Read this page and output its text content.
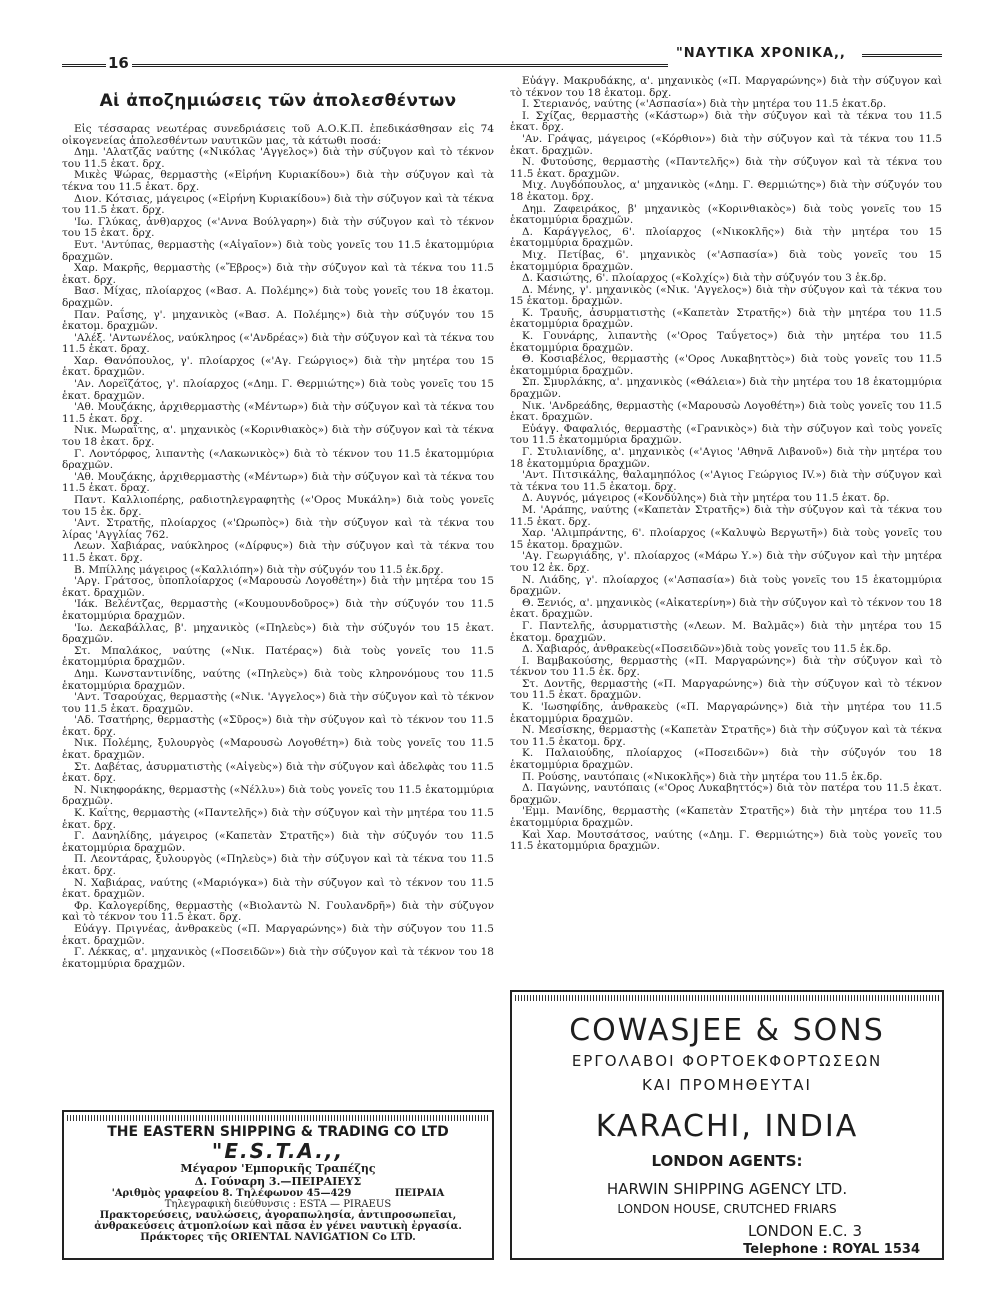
16
"ΝΑΥΤΙΚΑ ΧΡΟΝΙΚΑ,,
Αἱ ἀποζημιώσεις τῶν ἀπολεσθέντων

Εἰς τέσσαρας νεωτέρας συνεδριάσεις τοῦ Α.Ο.Κ.Π. ἐπεδικάσθησαν εἰς 74 οἰκογενείας ἀπολεσθέντων ναυτικῶν μας, τὰ κάτωθι ποσά:

Δημ. 'Αλατζᾶς ναύτης («Νικόλας 'Αγγελος») διὰ τὴν σύζυγον καὶ τὸ τέκνον του 11.5 ἑκατ. δρχ.

Μικὲς Ψώρας, θερμαστὴς («Εἰρήνη Κυριακίδου») διὰ τὴν σύζυγον καὶ τὰ τέκνα του 11.5 ἑκατ. δρχ.

Διον. Κότσιας, μάγειρος («Εἰρήνη Κυριακίδου») διὰ τὴν σύζυγον καὶ τὰ τέκνα του 11.5 ἑκατ. δρχ.

'Ιω. Γλύκας, ἀνθ)αρχος («'Αννα Βούλγαρη») διὰ τὴν σύζυγον καὶ τὸ τέκνον του 15 ἑκατ. δρχ.

Ευτ. 'Αντύπας, θερμαστὴς («Αἰγαῖον») διὰ τοὺς γονεῖς του 11.5 ἑκατομμύρια δραχμῶν.

Χαρ. Μακρῆς, θερμαστὴς («Ἔβρος») διὰ τὴν σύζυγον καὶ τὰ τέκνα του 11.5 ἑκατ. δρχ.

Βασ. Μίχας, πλοίαρχος («Βασ. Α. Πολέμης») διὰ τοὺς γονεῖς του 18 ἑκατομ. δραχμῶν.

Παν. Ραΐσης, γ'. μηχανικὸς («Βασ. Α. Πολέμης») διὰ τὴν σύζυγόν του 15 ἑκατομ. δραχμῶν.

'Αλέξ. 'Αντωνέλος, ναύκληρος («'Ανδρέας») διὰ τὴν σύζυγον καὶ τὰ τέκνα του 11.5 ἑκατ. δραχ.

Χαρ. Θανόπουλος, γ'. πλοίαρχος («'Αγ. Γεώργιος») διὰ τὴν μητέρα του 15 ἑκατ. δραχμῶν.

'Αν. Λορεϊζάτος, γ'. πλοίαρχος («Δημ. Γ. Θερμιώτης») διὰ τοὺς γονεῖς του 15 ἑκατ. δραχμῶν.

'Αθ. Μουζάκης, ἀρχιθερμαστὴς («Μέντωρ») διὰ τὴν σύζυγον καὶ τὰ τέκνα του 11.5 ἑκατ. δρχ.

Νικ. Μωραΐτης, α'. μηχανικὸς («Κορινθιακὸς») διὰ τὴν σύζυγον καὶ τὰ τέκνα του 18 ἑκατ. δρχ.

Γ. Λοντόρφος, λιπαντὴς («Λακωνικὸς») διὰ τὸ τέκνον του 11.5 ἑκατομμύρια δραχμῶν.

'Αθ. Μουζάκης, ἀρχιθερμαστὴς («Μέντωρ») διὰ τὴν σύζυγον καὶ τὰ τέκνα του 11.5 ἑκατ. δραχ.

Παντ. Καλλιοπέρης, ραδιοτηλεγραφητὴς («'Ορος Μυκάλη») διὰ τοὺς γονεῖς του 15 ἑκ. δρχ.

'Αντ. Στρατῆς, πλοίαρχος («'Ωρωπὸς») διὰ τὴν σύζυγον καὶ τὰ τέκνα του λίρας 'Αγγλίας 762.

Λεων. Χαβιάρας, ναύκληρος («Δίρφυς») διὰ τὴν σύζυγον καὶ τὰ τέκνα του 11.5 ἑκατ. δρχ.

Β. Μπίλλης μάγειρος («Καλλιόπη») διὰ τὴν σύζυγόν του 11.5 ἑκ.δρχ.

'Αργ. Γράτσος, ὑποπλοίαρχος («Μαρουσὼ Λογοθέτη») διὰ τὴν μητέρα του 15 ἑκατ. δραχμῶν.

'Ιάκ. Βελέντζας, θερμαστὴς («Κουμουνδοῦρος») διὰ τὴν σύζυγόν του 11.5 ἑκατομμύρια δραχμῶν.

'Ιω. Δεκαβάλλας, β'. μηχανικὸς («Πηλεὺς») διὰ τὴν σύζυγόν του 15 ἑκατ. δραχμῶν.

Στ. Μπαλάκος, ναύτης («Νικ. Πατέρας») διὰ τοὺς γονεῖς του 11.5 ἑκατομμύρια δραχμῶν.

Δημ. Κωνσταντινίδης, ναύτης («Πηλεὺς») διὰ τοὺς κληρονόμους του 11.5 ἑκατομμύρια δραχμῶν.

'Αντ. Τσαρούχας, θερμαστὴς («Νικ. 'Αγγελος») διὰ τὴν σύζυγον καὶ τὸ τέκνον του 11.5 ἑκατ. δραχμῶν.

'Αδ. Τσατήρης, θερμαστὴς («Σῦρος») διὰ τὴν σύζυγον καὶ τὸ τέκνον του 11.5 ἑκατ. δρχ.

Νικ. Πολέμης, ξυλουργὸς («Μαρουσὼ Λογοθέτη») διὰ τοὺς γονεῖς του 11.5 ἑκατ. δραχμῶν.

Στ. Δαβέτας, ἀσυρματιστὴς («Αἰγεὺς») διὰ τὴν σύζυγον καὶ ἀδελφὰς του 11.5 ἑκατ. δρχ.

Ν. Νικηφοράκης, θερμαστὴς («Νέλλυ») διὰ τοὺς γονεῖς του 11.5 ἑκατομμύρια δραχμῶν.

Κ. Καΐτης, θερμαστὴς («Παντελῆς») διὰ τὴν σύζυγον καὶ τὴν μητέρα του 11.5 ἑκατ. δρχ.

Γ. Δανηλίδης, μάγειρος («Καπετὰν Στρατῆς») διὰ τὴν σύζυγόν του 11.5 ἑκατομμύρια δραχμῶν.

Π. Λεοντάρας, ξυλουργὸς («Πηλεὺς») διὰ τὴν σύζυγον καὶ τὰ τέκνα του 11.5 ἑκατ. δρχ.

Ν. Χαβιάρας, ναύτης («Μαριόγκα») διὰ τὴν σύζυγον καὶ τὸ τέκνον του 11.5 ἑκατ. δραχμῶν.

Φρ. Καλογερίδης, θερμαστὴς («Βιολαντὼ Ν. Γουλανδρῆ») διὰ τὴν σύζυγον καὶ τὸ τέκνον του 11.5 ἑκατ. δρχ.

Εὐάγγ. Πριγνέας, ἀνθρακεὺς («Π. Μαργαρώνης») διὰ τὴν σύζυγον του 11.5 ἑκατ. δραχμῶν.

Γ. Λέκκας, α'. μηχανικὸς («Ποσειδῶν») διὰ τὴν σύζυγον καὶ τὰ τέκνον του 18 ἑκατομμύρια δραχμῶν.

Εὐάγγ. Μακρυδάκης, α'. μηχανικὸς («Π. Μαργαρώνης») διὰ τὴν σύζυγον καὶ τὸ τέκνον του 18 ἑκατομ. δρχ.

Ι. Στεριανός, ναύτης («'Ασπασία») διὰ τὴν μητέρα του 11.5 ἑκατ.δρ.

Ι. Σχίζας, θερμαστὴς («Κάστωρ») διὰ τὴν σύζυγον καὶ τὰ τέκνα του 11.5 ἑκατ. δρχ.

'Αν. Γράψας, μάγειρος («Κόρθιον») διὰ τὴν σύζυγον καὶ τὰ τέκνα του 11.5 ἑκατ. δραχμῶν.

Ν. Φυτούσης, θερμαστὴς («Παντελῆς») διὰ τὴν σύζυγον καὶ τὰ τέκνα του 11.5 ἑκατ. δραχμῶν.

Μιχ. Λυγδόπουλος, α' μηχανικὸς («Δημ. Γ. Θερμιώτης») διὰ τὴν σύζυγόν του 18 ἑκατομ. δρχ.

Δημ. Ζαφειράκος, β' μηχανικὸς («Κορινθιακὸς») διὰ τοὺς γονεῖς του 15 ἑκατομμύρια δραχμῶν.

Δ. Καράγγελος, 6'. πλοίαρχος («Νικοκλῆς») διὰ τὴν μητέρα του 15 ἑκατομμύρια δραχμῶν.

Μιχ. Πετίβας, 6'. μηχανικὸς («'Ασπασία») διὰ τοὺς γονεῖς του 15 ἑκατομμύρια δραχμῶν.

Δ. Κασιώτης, 6'. πλοίαρχος («Κολχίς») διὰ τὴν σύζυγόν του 3 ἑκ.δρ.

Δ. Μένης, γ'. μηχανικὸς («Νικ. 'Αγγελος») διὰ τὴν σύζυγον καὶ τὰ τέκνα του 15 ἑκατομ. δραχμῶν.

Κ. Τραυῆς, ἀσυρματιστὴς («Καπετὰν Στρατῆς») διὰ τὴν μητέρα του 11.5 ἑκατομμύρια δραχμῶν.

Κ. Γουνάρης, λιπαντὴς («'Ορος Ταΰγετος») διὰ τὴν μητέρα του 11.5 ἑκατομμύρια δραχμῶν.

Θ. Κοσιαβέλος, θερμαστὴς («'Ορος Λυκαβηττὸς») διὰ τοὺς γονεῖς του 11.5 ἑκατομμύρια δραχμῶν.

Σπ. Σμυρλάκης, α'. μηχανικὸς («Θάλεια») διὰ τὴν μητέρα του 18 ἑκατομμύρια δραχμῶν.

Νικ. 'Ανδρεάδης, θερμαστὴς («Μαρουσὼ Λογοθέτη») διὰ τοὺς γονεῖς του 11.5 ἑκατ. δραχμῶν.

Εὐάγγ. Φαφαλιός, θερμαστὴς («Γρανικὸς») διὰ τὴν σύζυγον καὶ τοὺς γονεῖς του 11.5 ἑκατομμύρια δραχμῶν.

Γ. Στυλιανίδης, α'. μηχανικὸς («'Αγιος 'Αθηνᾶ Λιβανοῦ») διὰ τὴν μητέρα του 18 ἑκατομμύρια δραχμῶν.

'Αντ. Πιτσικάλης, θαλαμηπόλος («'Αγιος Γεώργιος IV.») διὰ τὴν σύζυγον καὶ τὰ τέκνα του 11.5 ἑκατομ. δρχ.

Δ. Αυγνός, μάγειρος («Κονδύλης») διὰ τὴν μητέρα του 11.5 ἑκατ. δρ.

Μ. 'Αράπης, ναύτης («Καπετὰν Στρατῆς») διὰ τὴν σύζυγον καὶ τὰ τέκνα του 11.5 ἑκατ. δρχ.

Χαρ. 'Αλιμπράντης, 6'. πλοίαρχος («Καλυψὼ Βεργωτῆ») διὰ τοὺς γονεῖς του 15 ἑκατομ. δραχμῶν.

'Αγ. Γεωργιάδης, γ'. πλοίαρχος («Μάρω Υ.») διὰ τὴν σύζυγον καὶ τὴν μητέρα του 12 ἑκ. δρχ.

Ν. Λιάδης, γ'. πλοίαρχος («'Ασπασία») διὰ τοὺς γονεῖς του 15 ἑκατομμύρια δραχμῶν.

Θ. Ξενιός, α'. μηχανικὸς («Αἰκατερίνη») διὰ τὴν σύζυγον καὶ τὸ τέκνον του 18 ἑκατ. δραχμῶν.

Γ. Παντελῆς, ἀσυρματιστὴς («Λεων. Μ. Βαλμᾶς») διὰ τὴν μητέρα του 15 ἑκατομ. δραχμῶν.

Δ. Χαβιαρός, ἀνθρακεὺς(«Ποσειδῶν»)διὰ τοὺς γονεῖς του 11.5 ἑκ.δρ.

Ι. Βαμβακούσης, θερμαστὴς («Π. Μαργαρώνης») διὰ τὴν σύζυγον καὶ τὸ τέκνον του 11.5 ἑκ. δρχ.

Στ. Δοντῆς, θερμαστὴς («Π. Μαργαρώνης») διὰ τὴν σύζυγον καὶ τὸ τέκνον του 11.5 ἑκατ. δραχμῶν.

Κ. 'Ιωσηφίδης, ἀνθρακεὺς («Π. Μαργαρώνης») διὰ τὴν μητέρα του 11.5 ἑκατομμύρια δραχμῶν.

Ν. Μεσίσκης, θερμαστὴς («Καπετὰν Στρατῆς») διὰ τὴν σύζυγον καὶ τὰ τέκνα του 11.5 ἑκατομ. δρχ.

Κ. Παλαιούδης, πλοίαρχος («Ποσειδῶν») διὰ τὴν σύζυγόν του 18 ἑκατομμύρια δραχμῶν.

Π. Ρούσης, ναυτόπαις («Νικοκλῆς») διὰ τὴν μητέρα του 11.5 ἑκ.δρ.

Δ. Παγώνης, ναυτόπαις («'Ορος Λυκαβηττός») διὰ τὸν πατέρα του 11.5 ἑκατ. δραχμῶν.

'Εμμ. Μανίδης, θερμαστὴς («Καπετὰν Στρατῆς») διὰ τὴν μητέρα του 11.5 ἑκατομμύρια δραχμῶν.

Καὶ Χαρ. Μουτσάτσος, ναύτης («Δημ. Γ. Θερμιώτης») διὰ τοὺς γονεῖς του 11.5 ἑκατομμύρια δραχμῶν.

THE EASTERN SHIPPING & TRADING CO LTD
"E.S.T.A.,,
Μέγαρον 'Εμπορικῆς Τραπέζης
Δ. Γούναρη 3.—ΠΕΙΡΑΙΕΥΣ
'Αριθμὸς γραφείου 8. Τηλέφωνον 45—429	ΠΕΙΡΑΙΑ
Τηλεγραφικὴ διεύθυνσις : ESTA — PIRAEUS
Πρακτορεύσεις, ναυλώσεις, ἀγοραπωλησία, ἀντιπροσωπεῖαι,
ἀνθρακεύσεις ἀτμοπλοίων καὶ πᾶσα ἐν γένει ναυτικὴ ἐργασία.
Πράκτορες τῆς ORIENTAL NAVIGATION Co LTD.
COWASJEE & SONS
ΕΡΓΟΛΑΒΟΙ ΦΟΡΤΟΕΚΦΟΡΤΩΣΕΩΝ
ΚΑΙ ΠΡΟΜΗΘΕΥΤΑΙ
KARACHI, INDIA
LONDON AGENTS:
HARWIN SHIPPING AGENCY LTD.
LONDON HOUSE, CRUTCHED FRIARS
LONDON E.C. 3
Telephone : ROYAL 1534
